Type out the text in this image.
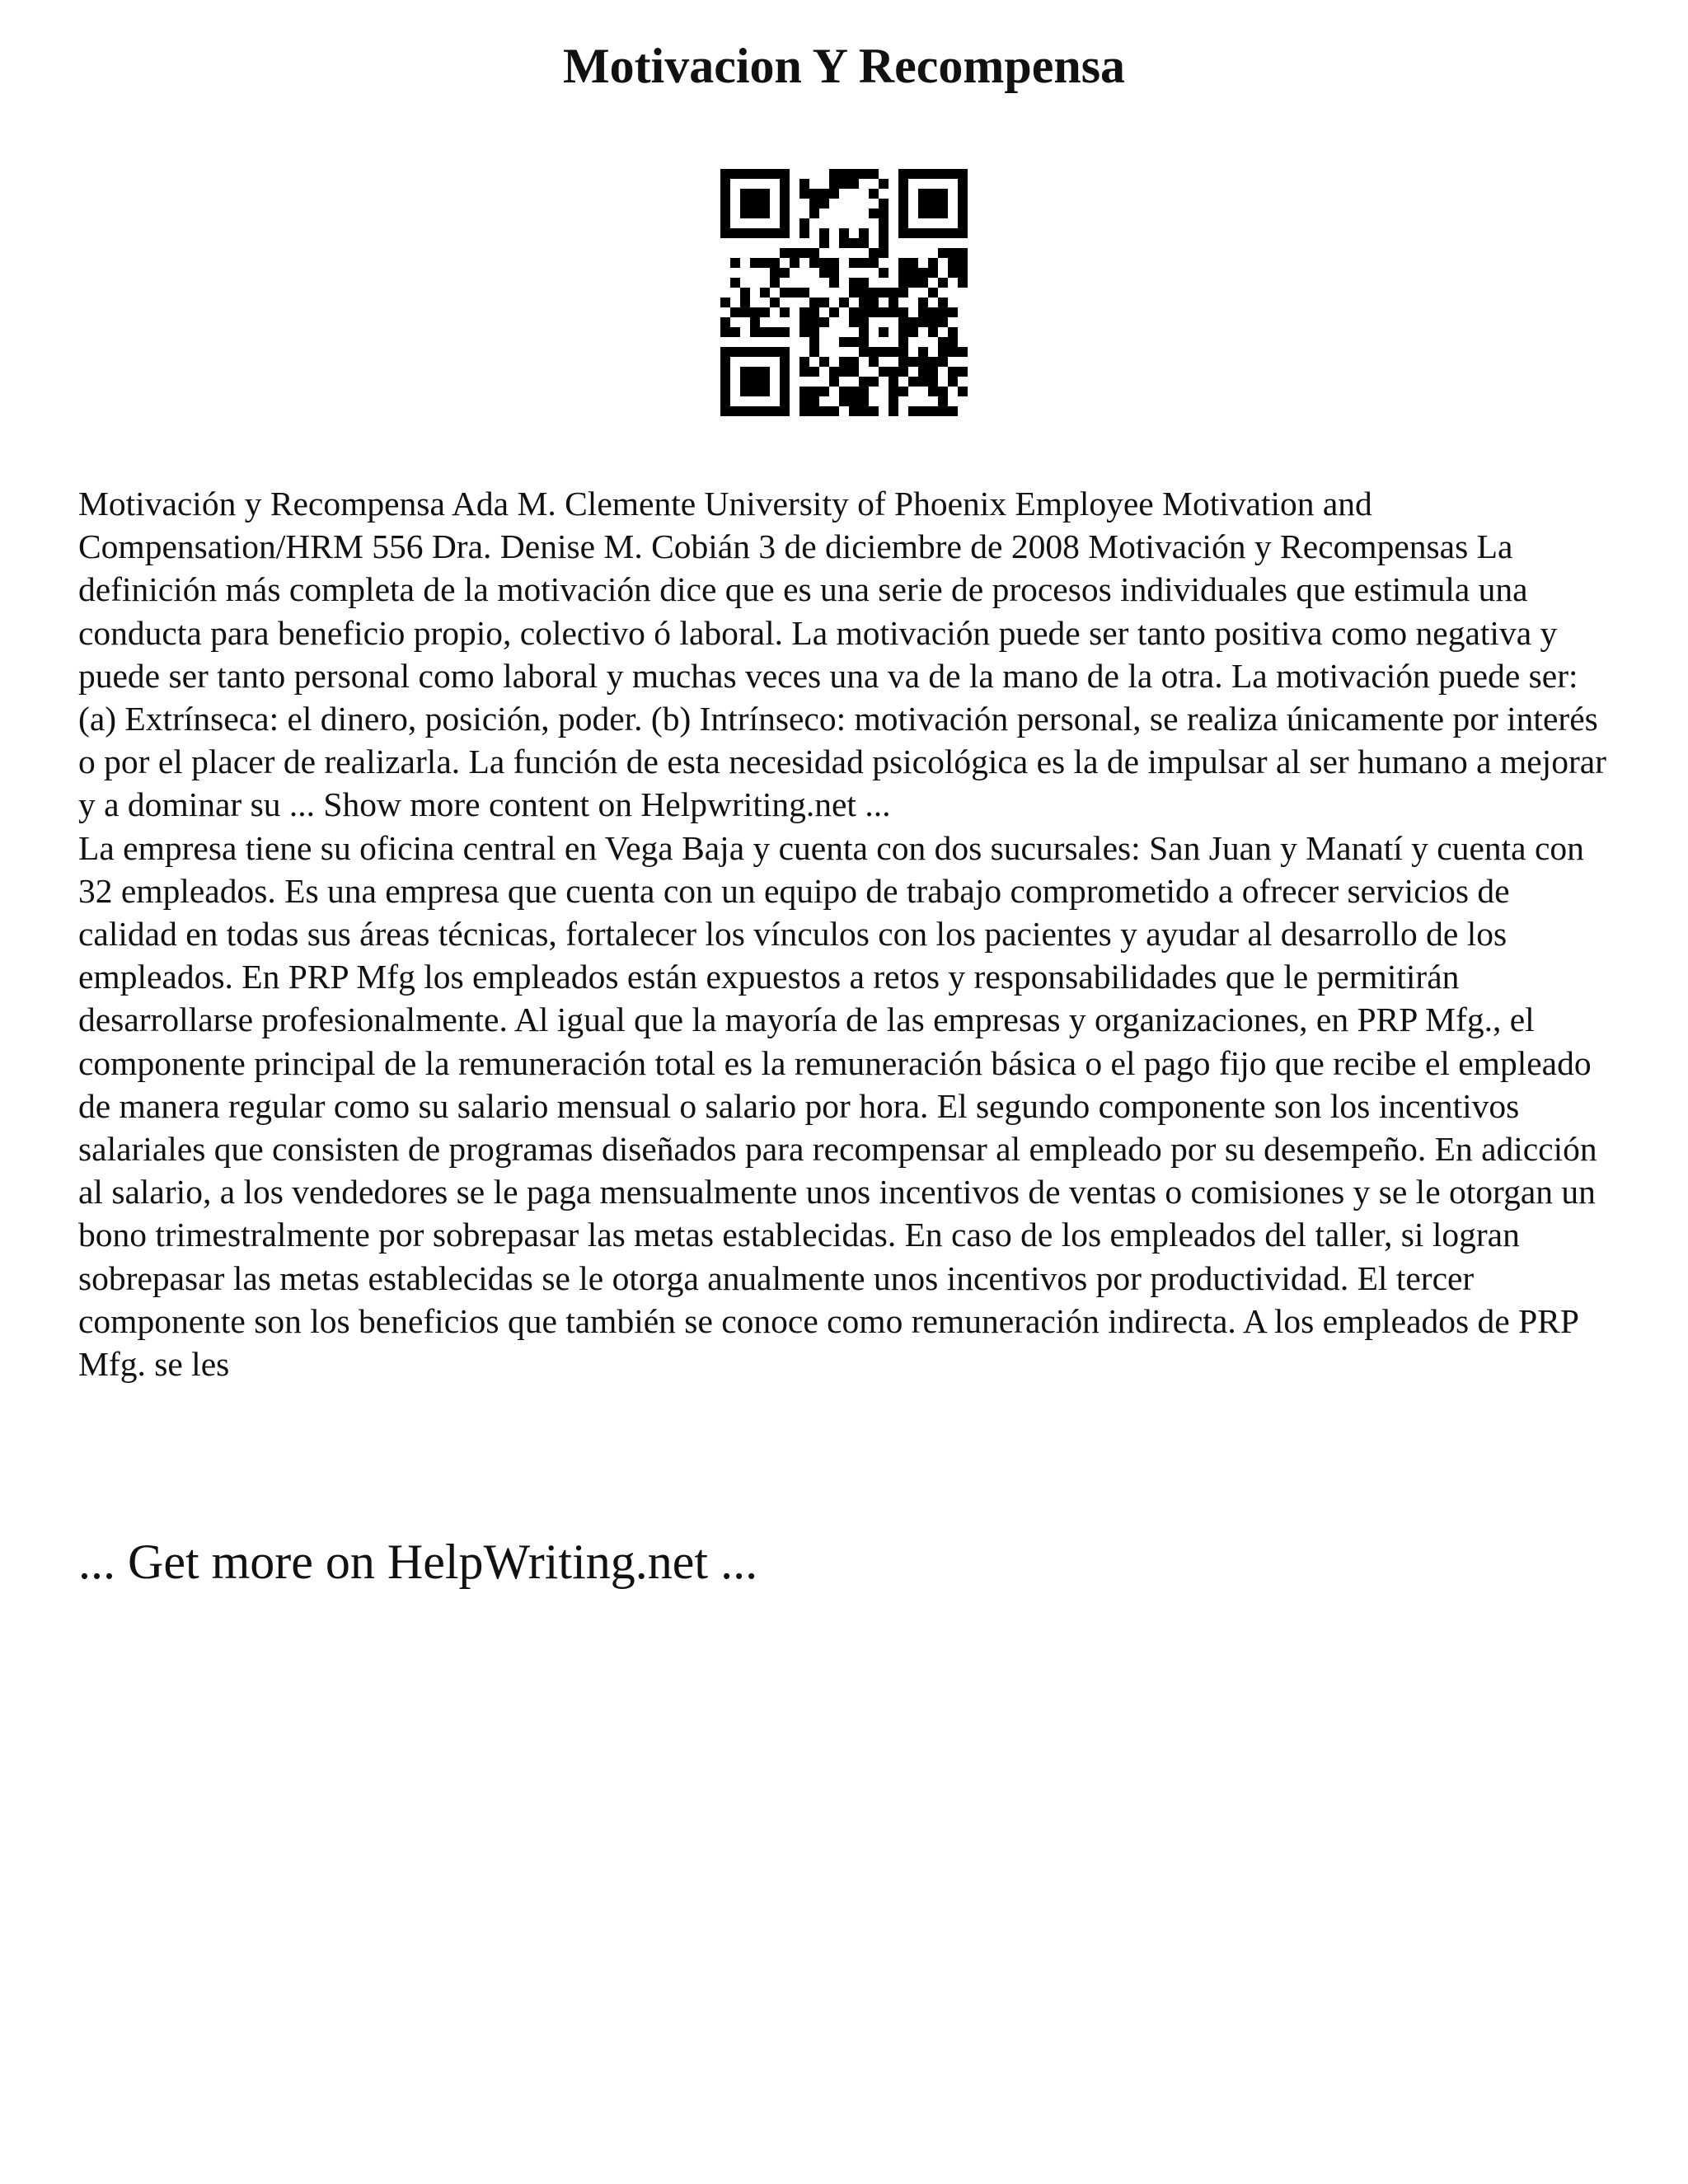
Motivacion Y Recompensa

Motivación y Recompensa Ada M. Clemente University of Phoenix Employee Motivation and Compensation/HRM 556 Dra. Denise M. Cobián 3 de diciembre de 2008 Motivación y Recompensas La definición más completa de la motivación dice que es una serie de procesos individuales que estimula una conducta para beneficio propio, colectivo ó laboral. La motivación puede ser tanto positiva como negativa y puede ser tanto personal como laboral y muchas veces una va de la mano de la otra. La motivación puede ser: (a) Extrínseca: el dinero, posición, poder. (b) Intrínseco: motivación personal, se realiza únicamente por interés o por el placer de realizarla. La función de esta necesidad psicológica es la de impulsar al ser humano a mejorar y a dominar su ... Show more content on Helpwriting.net ...

La empresa tiene su oficina central en Vega Baja y cuenta con dos sucursales: San Juan y Manatí y cuenta con 32 empleados. Es una empresa que cuenta con un equipo de trabajo comprometido a ofrecer servicios de calidad en todas sus áreas técnicas, fortalecer los vínculos con los pacientes y ayudar al desarrollo de los empleados. En PRP Mfg los empleados están expuestos a retos y responsabilidades que le permitirán desarrollarse profesionalmente. Al igual que la mayoría de las empresas y organizaciones, en PRP Mfg., el componente principal de la remuneración total es la remuneración básica o el pago fijo que recibe el empleado de manera regular como su salario mensual o salario por hora. El segundo componente son los incentivos salariales que consisten de programas diseñados para recompensar al empleado por su desempeño. En adicción al salario, a los vendedores se le paga mensualmente unos incentivos de ventas o comisiones y se le otorgan un bono trimestralmente por sobrepasar las metas establecidas. En caso de los empleados del taller, si logran sobrepasar las metas establecidas se le otorga anualmente unos incentivos por productividad. El tercer componente son los beneficios que también se conoce como remuneración indirecta. A los empleados de PRP Mfg. se les

... Get more on HelpWriting.net ...
